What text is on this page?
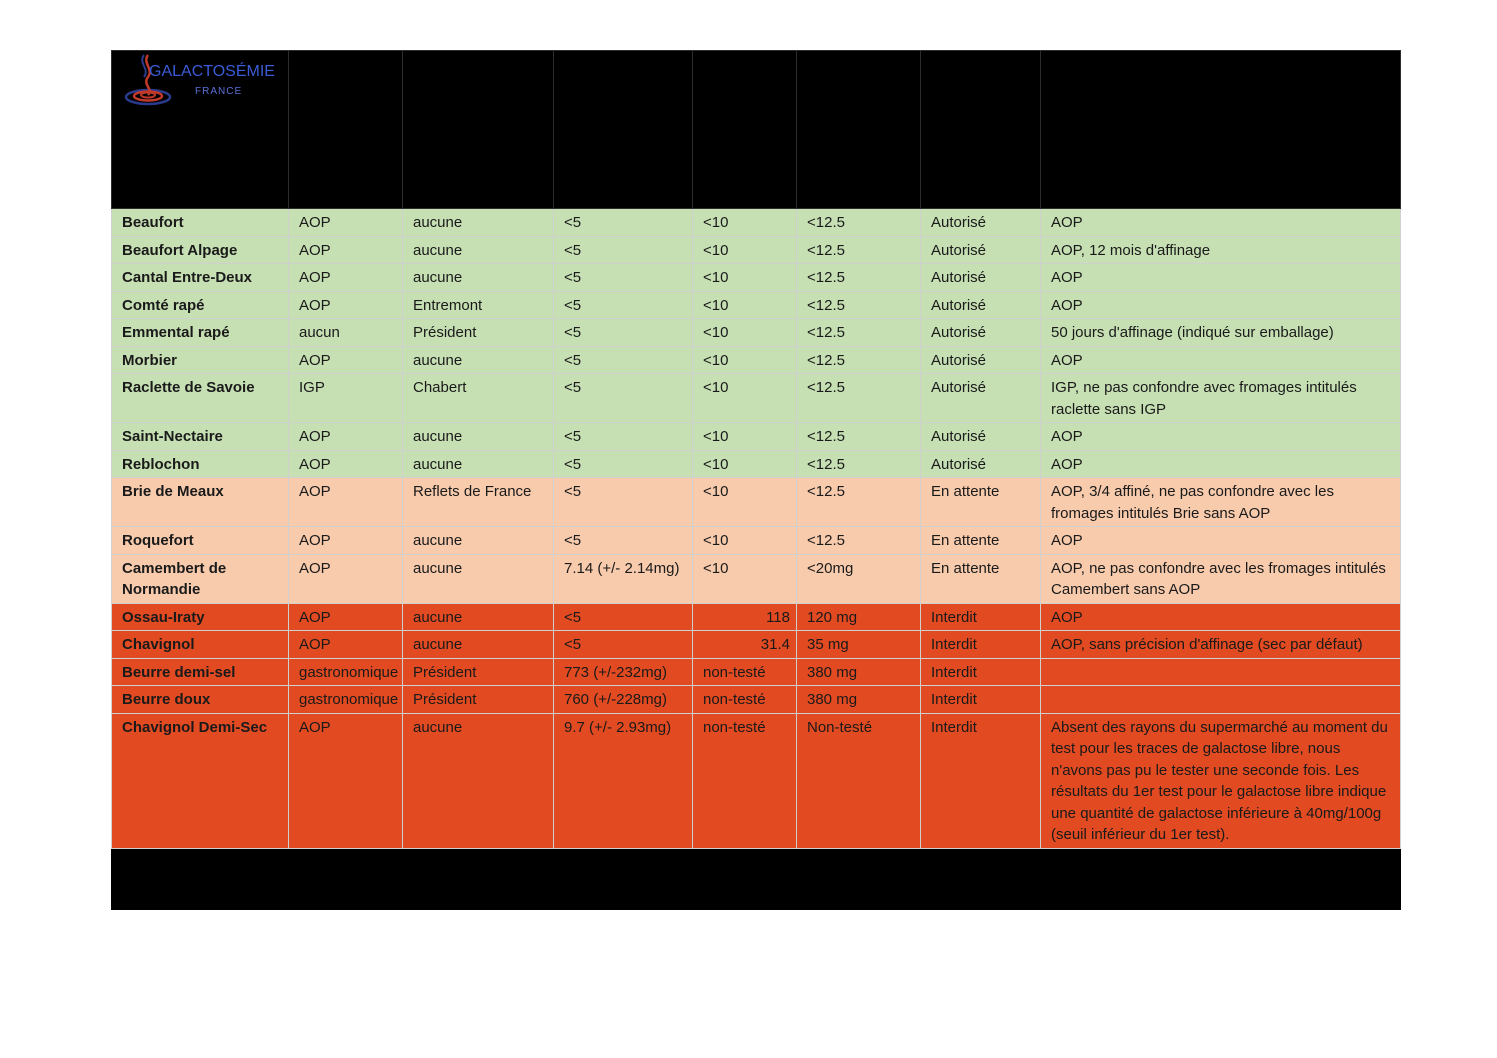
GALACTOSÉMIE
FRANCE							

Beaufort	AOP	aucune	<5	<10	<12.5	Autorisé	AOP
Beaufort Alpage	AOP	aucune	<5	<10	<12.5	Autorisé	AOP, 12 mois d'affinage
Cantal Entre-Deux	AOP	aucune	<5	<10	<12.5	Autorisé	AOP
Comté rapé	AOP	Entremont	<5	<10	<12.5	Autorisé	AOP
Emmental rapé	aucun	Président	<5	<10	<12.5	Autorisé	50 jours d'affinage (indiqué sur emballage)
Morbier	AOP	aucune	<5	<10	<12.5	Autorisé	AOP
Raclette de Savoie	IGP	Chabert	<5	<10	<12.5	Autorisé	IGP, ne pas confondre avec fromages intitulés raclette sans IGP
Saint-Nectaire	AOP	aucune	<5	<10	<12.5	Autorisé	AOP
Reblochon	AOP	aucune	<5	<10	<12.5	Autorisé	AOP
Brie de Meaux	AOP	Reflets de France	<5	<10	<12.5	En attente	AOP, 3/4 affiné, ne pas confondre avec les fromages intitulés Brie sans AOP
Roquefort	AOP	aucune	<5	<10	<12.5	En attente	AOP
Camembert de Normandie	AOP	aucune	7.14 (+/- 2.14mg)	<10	<20mg	En attente	AOP, ne pas confondre avec les fromages intitulés Camembert sans AOP
Ossau-Iraty	AOP	aucune	<5	118	120 mg	Interdit	AOP
Chavignol	AOP	aucune	<5	31.4	35 mg	Interdit	AOP, sans précision d'affinage (sec par défaut)
Beurre demi-sel	gastronomique	Président	773 (+/-232mg)	non-testé	380 mg	Interdit	
Beurre doux	gastronomique	Président	760 (+/-228mg)	non-testé	380 mg	Interdit	
Chavignol Demi-Sec	AOP	aucune	9.7 (+/- 2.93mg)	non-testé	Non-testé	Interdit	Absent des rayons du supermarché au moment du test pour les traces de galactose libre, nous n'avons pas pu le tester une seconde fois. Les résultats du 1er test pour le galactose libre indique une quantité de galactose inférieure à 40mg/100g (seuil inférieur du 1er test).
